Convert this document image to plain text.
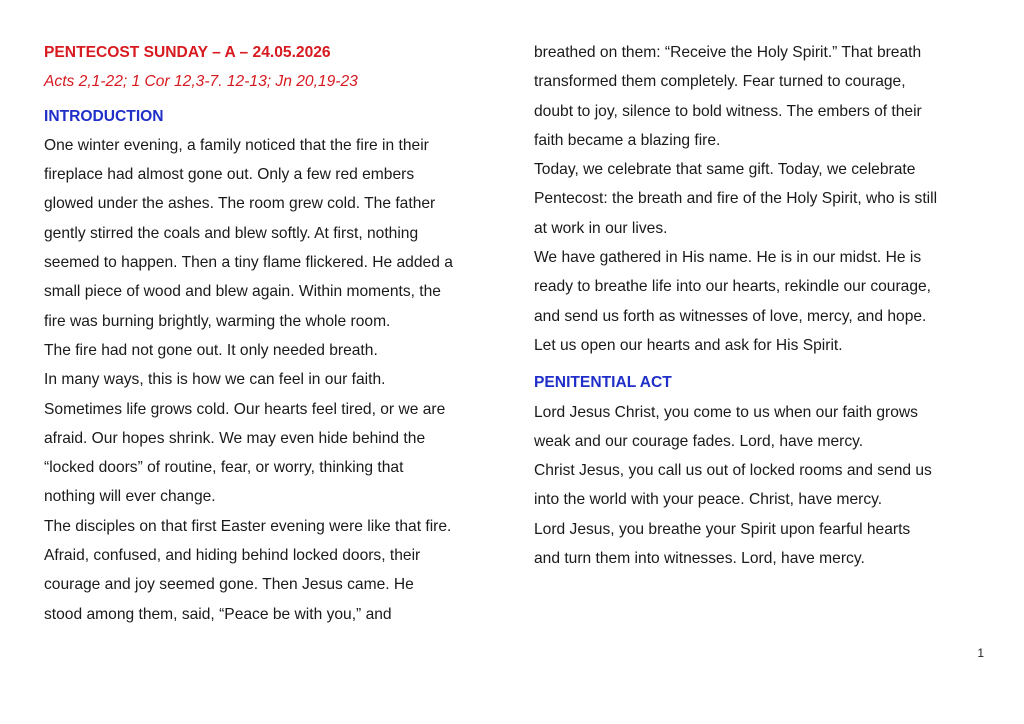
PENTECOST SUNDAY – A – 24.05.2026
Acts 2,1-22; 1 Cor 12,3-7. 12-13; Jn 20,19-23
INTRODUCTION
One winter evening, a family noticed that the fire in their
fireplace had almost gone out. Only a few red embers
glowed under the ashes. The room grew cold. The father
gently stirred the coals and blew softly. At first, nothing
seemed to happen. Then a tiny flame flickered. He added a
small piece of wood and blew again. Within moments, the
fire was burning brightly, warming the whole room.
The fire had not gone out. It only needed breath.
In many ways, this is how we can feel in our faith.
Sometimes life grows cold. Our hearts feel tired, or we are
afraid. Our hopes shrink. We may even hide behind the
“locked doors” of routine, fear, or worry, thinking that
nothing will ever change.
The disciples on that first Easter evening were like that fire.
Afraid, confused, and hiding behind locked doors, their
courage and joy seemed gone. Then Jesus came. He
stood among them, said, “Peace be with you,” and
breathed on them: “Receive the Holy Spirit.” That breath
transformed them completely. Fear turned to courage,
doubt to joy, silence to bold witness. The embers of their
faith became a blazing fire.
Today, we celebrate that same gift. Today, we celebrate
Pentecost: the breath and fire of the Holy Spirit, who is still
at work in our lives.
We have gathered in His name. He is in our midst. He is
ready to breathe life into our hearts, rekindle our courage,
and send us forth as witnesses of love, mercy, and hope.
Let us open our hearts and ask for His Spirit.
PENITENTIAL ACT
Lord Jesus Christ, you come to us when our faith grows
weak and our courage fades. Lord, have mercy.
Christ Jesus, you call us out of locked rooms and send us
into the world with your peace. Christ, have mercy.
Lord Jesus, you breathe your Spirit upon fearful hearts
and turn them into witnesses. Lord, have mercy.
1
